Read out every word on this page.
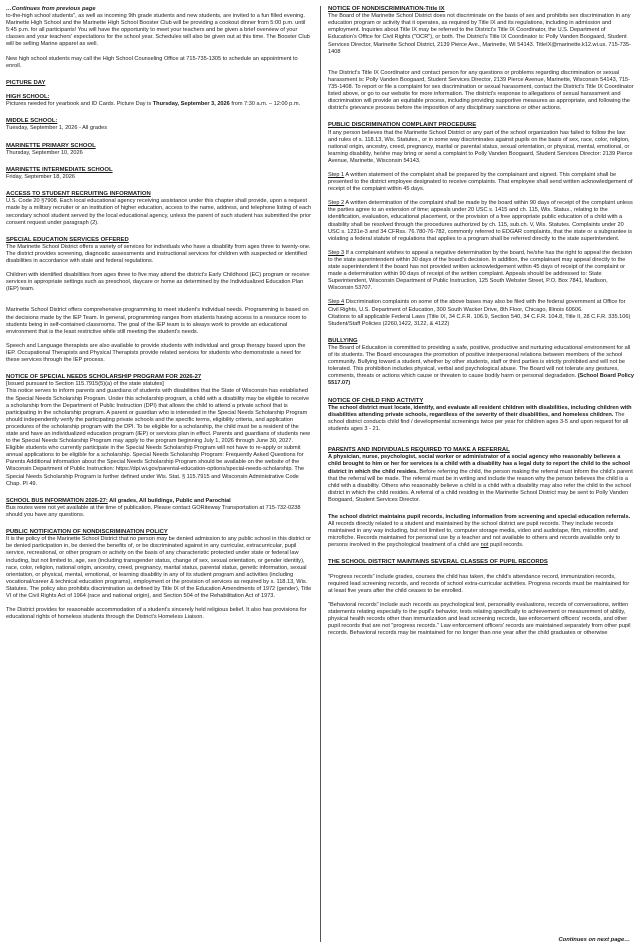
…Continues from previous page

to-the-high school students", as well as incoming 9th grade students and new students, are invited to a fun filled evening. Marinette High School and the Marinette High School Booster Club will be providing a cookout dinner from 5:00 p.m. until 5:45 p.m. for all participants! You will have the opportunity to meet your teachers and be given a brief overview of your classes and your teachers' expectations for the school year. Schedules will also be given out at this time. The Booster Club will be selling Marine apparel as well.

New high school students may call the High School Counseling Office at 715-735-1305 to schedule an appointment to enroll.

PICTURE DAY
HIGH SCHOOL:

Pictures needed for yearbook and ID Cards. Picture Day is Thursday, September 3, 2026 from 7:30 a.m. – 12:00 p.m.

MIDDLE SCHOOL:

Tuesday, September 1, 2026 - All grades

MARINETTE PRIMARY SCHOOL

Thursday, September 10, 2026

MARINETTE INTERMEDIATE SCHOOL

Friday, September 18, 2026

ACCESS TO STUDENT RECRUITING INFORMATION

U.S. Code 20 §7908. Each local educational agency receiving assistance under this chapter shall provide, upon a request made by a military recruiter or an institution of higher education, access to the name, address, and telephone listing of each secondary school student served by the local educational agency, unless the parent of such student has submitted the prior consent request under paragraph (2).

SPECIAL EDUCATION SERVICES OFFERED

The Marinette School District offers a variety of services for individuals who have a disability from ages three to twenty-one. The district provides screening, diagnostic assessments and instructional services for children with suspected or identified disabilities in accordance with state and federal regulations.

Children with identified disabilities from ages three to five may attend the district's Early Childhood (EC) program or receive services in appropriate settings such as preschool, daycare or home as determined by the Individualized Education Plan (IEP) team.

Marinette School District offers comprehensive programming to meet student's individual needs. Programming is based on the decisions made by the IEP Team. In general, programming ranges from students having access to a resource room to students being in self-contained classrooms. The goal of the IEP team is to always work to provide an educational environment that is the least restrictive while still meeting the student's needs.

Speech and Language therapists are also available to provide students with individual and group therapy based upon the IEP. Occupational Therapists and Physical Therapists provide related services for students who demonstrate a need for these services through the IEP process.

NOTICE OF SPECIAL NEEDS SCHOLARSHIP PROGRAM FOR 2026-27

[Issued pursuant to Section 115.7915(5)(a) of the state statutes]

This notice serves to inform parents and guardians of students with disabilities that the State of Wisconsin has established the Special Needs Scholarship Program. Under this scholarship program, a child with a disability may be eligible to receive a scholarship from the Department of Public Instruction (DPI) that allows the child to attend a private school that is participating in the scholarship program. A parent or guardian who is interested in the Special Needs Scholarship Program should independently verify the participating private schools and the specific terms, eligibility criteria, and application procedures of the scholarship program with the DPI. To be eligible for a scholarship, the child must be a resident of the state and have an individualized education program (IEP) or services plan in effect. Parents and guardians of students new to the Special Needs Scholarship Program may apply to the program beginning July 1, 2026 through June 30, 2027. Eligible students who currently participate in the Special Needs Scholarship Program will not have to re-apply or submit annual applications to be eligible for a scholarship. Special Needs Scholarship Program: Frequently Asked Questions for Parents Additional information about the Special Needs Scholarship Program should be available on the website of the Wisconsin Department of Public Instruction: https://dpi.wi.gov/parental-education-options/special-needs-scholarship. The Special Needs Scholarship Program is further defined under Wis. Stat. § 115.7915 and Wisconsin Administrative Code Chap. PI 49.

SCHOOL BUS INFORMATION 2026-27: All grades, All buildings, Public and Parochial

Bus routes were not yet available at the time of publication. Please contact GORiteway Transportation at 715-732-0238 should you have any questions.

PUBLIC NOTIFICATION OF NONDISCRIMINATION POLICY

It is the policy of the Marinette School District that no person may be denied admission to any public school in this district or be denied participation in, be denied the benefits of, or be discriminated against in any curricular, extracurricular, pupil service, recreational, or other program or activity on the basis of any characteristic protected under state or federal law including, but not limited to, age, sex (including transgender status, change of sex, sexual orientation, or gender identity), race, color, religion, national origin, ancestry, creed, pregnancy, marital status, parental status, genetic information, sexual orientation, or physical, mental, emotional, or learning disability in any of its student program and activities (including vocational/career & technical education programs), employment or the provision of services as required by s. 118.13, Wis. Statutes. The policy also prohibits discrimination as defined by Title IX of the Education Amendments of 1972 (gender), Title VI of the Civil Rights Act of 1964 (race and national origin), and Section 504 of the Rehabilitation Act of 1973.

The District provides for reasonable accommodation of a student's sincerely held religious belief. It also has provisions for educational rights of homeless students through the District's Homeless Liaison.

NOTICE OF NONDISCRIMINATION-Title IX

The Board of the Marinette School District does not discriminate on the basis of sex and prohibits sex discrimination in any education program or activity that it operates, as required by Title IX and its regulations, including in admission and employment. Inquiries about Title IX may be referred to the District's Title IX Coordinator, the U.S. Department of Education's Office for Civil Rights ("OCR"), or both. The District's Title IX Coordinator is: Polly Vanden Boogaard, Student Services Director, Marinette School District, 2139 Pierce Ave., Marinette, WI 54143. TitleIX@marinette.k12.wi.us. 715-735-1408

The District's Title IX Coordinator and contact person for any questions or problems regarding discrimination or sexual harassment is: Polly Vanden Boogaard, Student Services Director, 2139 Pierce Avenue, Marinette, Wisconsin 54143, 715-735-1408. To report or file a complaint for sex discrimination or sexual harassment, contact the District's Title IX Coordinator listed above, or go to our website for more information. The district's response to allegations of sexual harassment and discrimination will provide an equitable process, including providing supportive measures as appropriate, and following the district's grievance process before the imposition of any disciplinary sanctions or other actions.

PUBLIC DISCRIMINATION COMPLAINT PROCEDURE

If any person believes that the Marinette School District or any part of the school organization has failed to follow the law and rules of s. 118.13, Wis. Statutes., or in some way discriminates against pupils on the basis of sex, race, color, religion, national origin, ancestry, creed, pregnancy, marital or parental status, sexual orientation, or physical, mental, emotional, or learning disability, he/she may bring or send a complaint to Polly Vanden Boogaard, Student Services Director: 2139 Pierce Avenue, Marinette, Wisconsin 54143.

Step 1 A written statement of the complaint shall be prepared by the complainant and signed. This complaint shall be presented to the district employee designated to receive complaints. That employee shall send written acknowledgement of receipt of the complaint within 45 days.

Step 2 A written determination of the complaint shall be made by the board within 90 days of receipt of the complaint unless the parties agree to an extension of time; appeals under 20 USC s. 1415 and ch. 115, Wis. Status., relating to the identification, evaluation, educational placement, or the provision of a free appropriate public education of a child with a disability shall be resolved through the procedures authorized by ch. 115, sub.ch. V, Wis. Statutes. Complaints under 20 USC s. 1231e-3 and 34 CFRss. 76.780-76-782, commonly referred to EDGAR complaints, that the state or a subgrantee is violating a federal statute of regulations that applies to a program shall be referred directly to the state superintendent.

Step 3 If a complainant wishes to appeal a negative determination by the board, he/she has the right to appeal the decision to the state superintendent within 30 days of the board's decision. In addition, the complainant may appeal directly to the state superintendent if the board has not provided written acknowledgement within 45 days of receipt of the complaint or made a determination within 90 days of receipt of the written complaint. Appeals should be addressed to: State Superintendent, Wisconsin Department of Public Instruction, 125 South Webster Street, P.O. Box 7841, Madison, Wisconsin 53707.

Step 4 Discrimination complaints on some of the above bases may also be filed with the federal government at Office for Civil Rights, U.S. Department of Education, 300 South Wacker Drive, 8th Floor, Chicago, Illinois 60606.

Citations to all applicable Federal Laws (Title IX, 34 C.F.R. 106.9, Section 540, 34 C.F.R. 104.8, Title II, 28 C.F.R. 335.106) Student/Staff Policies (2260,1422, 3122, & 4122)

BULLYING

The Board of Education is committed to providing a safe, positive, productive and nurturing educational environment for all of its students. The Board encourages the promotion of positive interpersonal relations between members of the school community. Bullying toward a student, whether by other students, staff or third parties is strictly prohibited and will not be tolerated. This prohibition includes physical, verbal and psychological abuse. The Board will not tolerate any gestures, comments, threats or actions which cause or threaten to cause bodily harm or personal degradation. (School Board Policy 5517.07)

NOTICE OF CHILD FIND ACTIVITY

The school district must locate, identify, and evaluate all resident children with disabilities, including children with disabilities attending private schools, regardless of the severity of their disabilities, and homeless children. The school district conducts child find / developmental screenings twice per year for children ages 3-5 and upon request for all students ages 3 - 21.

PARENTS AND INDIVIDUALS REQUIRED TO MAKE A REFERRAL

A physician, nurse, psychologist, social worker or administrator of a social agency who reasonably believes a child brought to him or her for services is a child with a disability has a legal duty to report the child to the school district in which the child resides. Before referring the child, the person making the referral must inform the child's parent that the referral will be made. The referral must be in writing and include the reason why the person believes the child is a child with a disability. Others who reasonably believe a child is a child with a disability may also refer the child to the school district in which the child resides. A referral of a child residing in the Marinette School District may be sent to Polly Vanden Boogaard, Student Services Director.

The school district maintains pupil records, including information from screening and special education referrals. All records directly related to a student and maintained by the school district are pupil records. They include records maintained in any way including, but not limited to, computer storage media, video and audiotape, film, microfilm, and microfiche. Records maintained for personal use by a teacher and not available to others and records available only to persons involved in the psychological treatment of a child are not pupil records.

THE SCHOOL DISTRICT MAINTAINS SEVERAL CLASSES OF PUPIL RECORDS

"Progress records" include grades, courses the child has taken, the child's attendance record, immunization records, required lead screening records, and records of school extra-curricular activities. Progress records must be maintained for at least five years after the child ceases to be enrolled.

"Behavioral records" include such records as psychological test, personality evaluations, records of conversations, written statements relating especially to the pupil's behavior, tests relating specifically to achievement or measurement of ability, physical health records other than immunization and lead screening records, law enforcement officers' records, and other pupil records that are not "progress records." Law enforcement officers' records are maintained separately from other pupil records. Behavioral records may be maintained for no longer than one year after the child graduates or otherwise

Continues on next page…
